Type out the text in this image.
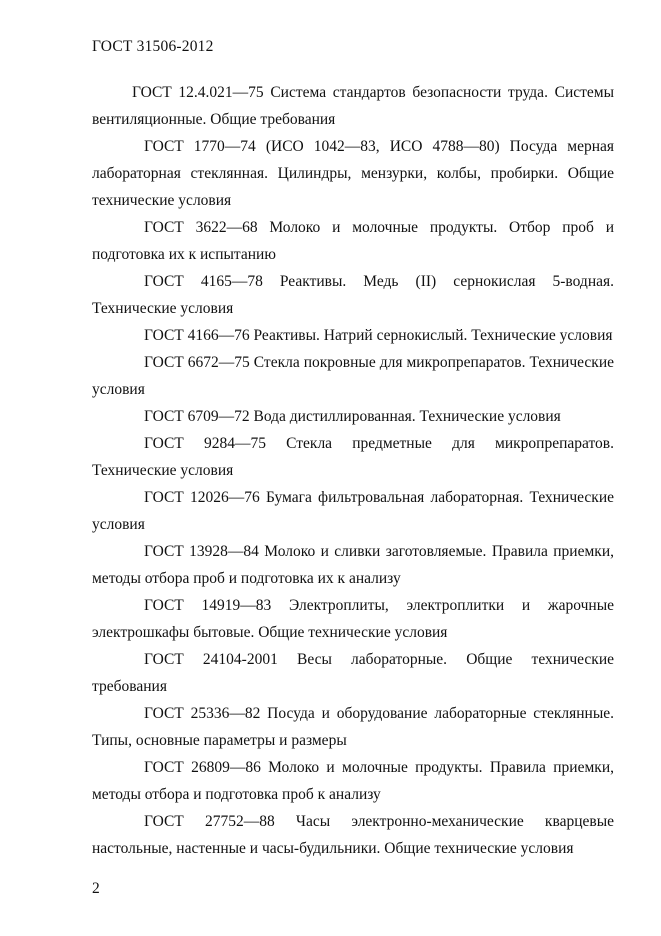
ГОСТ 31506-2012

ГОСТ 12.4.021—75 Система стандартов безопасности труда. Системы вентиляционные. Общие требования

ГОСТ 1770—74 (ИСО 1042—83, ИСО 4788—80) Посуда мерная лабораторная стеклянная. Цилиндры, мензурки, колбы, пробирки. Общие технические условия

ГОСТ 3622—68 Молоко и молочные продукты. Отбор проб и подготовка их к испытанию

ГОСТ 4165—78 Реактивы. Медь (II) сернокислая 5-водная. Технические условия

ГОСТ 4166—76 Реактивы. Натрий сернокислый. Технические условия

ГОСТ 6672—75 Стекла покровные для микропрепаратов. Технические условия

ГОСТ 6709—72 Вода дистиллированная. Технические условия

ГОСТ 9284—75 Стекла предметные для микропрепаратов. Технические условия

ГОСТ 12026—76 Бумага фильтровальная лабораторная. Технические условия

ГОСТ 13928—84 Молоко и сливки заготовляемые. Правила приемки, методы отбора проб и подготовка их к анализу

ГОСТ 14919—83 Электроплиты, электроплитки и жарочные электрошкафы бытовые. Общие технические условия

ГОСТ 24104-2001 Весы лабораторные. Общие технические требования

ГОСТ 25336—82 Посуда и оборудование лабораторные стеклянные. Типы, основные параметры и размеры

ГОСТ 26809—86 Молоко и молочные продукты. Правила приемки, методы отбора и подготовка проб к анализу

ГОСТ 27752—88 Часы электронно-механические кварцевые настольные, настенные и часы-будильники. Общие технические условия

2
